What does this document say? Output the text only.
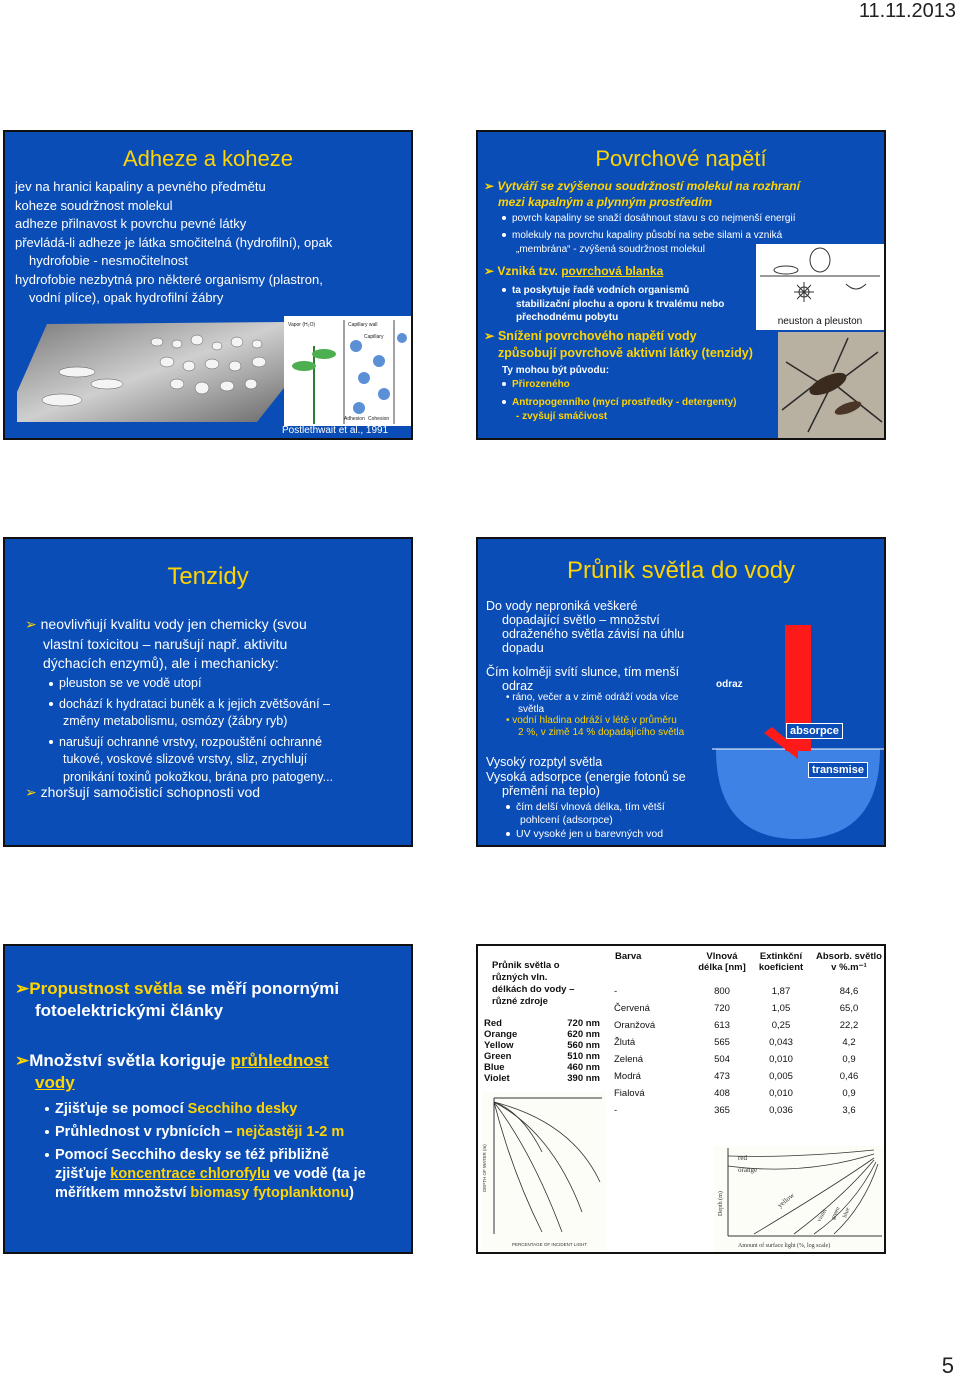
11.11.2013
Adheze a koheze
jev na hranici kapaliny a pevného předmětu
koheze soudržnost molekul
adheze přilnavost k povrchu pevné látky
převládá-li adheze je látka smočitelná (hydrofilní), opak
hydrofobie - nesmočitelnost
hydrofobie nezbytná pro některé organismy (plastron,
vodní plíce), opak hydrofilní žábry
Vapor (H₂O)	Capillary wall
Capillary
Adhesion Cohesion
Postlethwait et al., 1991
Povrchové napětí
➢ Vytváří se zvýšenou soudržností molekul na rozhraní
mezi kapalným a plynným prostředím
povrch kapaliny se snaží dosáhnout stavu s co nejmenší energií
molekuly na povrchu kapaliny působí na sebe silami a vzniká
„membrána“ - zvýšená soudržnost molekul
➢ Vzniká tzv. povrchová blanka
ta poskytuje řadě vodních organismů
stabilizační plochu a oporu k trvalému nebo
přechodnému pobytu
➢ Snížení povrchového napětí vody
způsobují povrchově aktivní látky (tenzidy)
Ty mohou být původu:
Přirozeného
Antropogenního (mycí prostředky - detergenty)
- zvyšují smáčivost
neuston a pleuston
Tenzidy
➢ neovlivňují kvalitu vody jen chemicky (svou
vlastní toxicitou – narušují např. aktivitu
dýchacích enzymů), ale i mechanicky:
pleuston se ve vodě utopí
dochází k hydrataci buněk a k jejich zvětšování –
změny metabolismu, osmózy (žábry ryb)
narušují ochranné vrstvy, rozpouštění ochranné
tukové, voskové slizové vrstvy, sliz, zrychlují
pronikání toxinů pokožkou, brána pro patogeny...
➢ zhoršují samočisticí schopnosti vod
Průnik světla do vody
Do vody neproniká veškeré
dopadající světlo – množství
odraženého světla závisí na úhlu
dopadu
Čím kolměji svítí slunce, tím menší
odraz
• ráno, večer a v zimě odráží voda více
světla
• vodní hladina odráží v létě v průměru
2 %, v zimě 14 % dopadajícího světla
Vysoký rozptyl světla
Vysoká adsorpce (energie fotonů se
přemění na teplo)
čím delší vlnová délka, tím větší
pohlcení (adsorpce)
UV vysoké jen u barevných vod
odraz
absorpce
transmise
➢Propustnost světla se měří ponornými
fotoelektrickými články
➢Množství světla koriguje průhlednost
vody
Zjišťuje se pomocí Secchiho desky
Průhlednost v rybnících – nejčastěji 1-2 m
Pomocí Secchiho desky se též přibližně
zjišťuje koncentrace chlorofylu ve vodě (ta je
měřítkem množství biomasy fytoplanktonu)
Průnik světla o
různých vln.
délkách do vody –
různé zdroje
Red	720 nm
Orange	620 nm
Yellow	560 nm
Green	510 nm
Blue	460 nm
Violet	390 nm
PERCENTAGE OF INCIDENT LIGHT
DEPTH OF WATER (m)
Barva	Vlnová délka [nm]	Extinkční koeficient	Absorb. světlo v %.m⁻¹
-	800	1,87	84,6
Červená	720	1,05	65,0
Oranžová	613	0,25	22,2
Žlutá	565	0,043	4,2
Zelená	504	0,010	0,9
Modrá	473	0,005	0,46
Fialová	408	0,010	0,9
-	365	0,036	3,6
red
orange
yellow
violet green blue
Amount of surface light (%, log scale)
Depth (m)
5
